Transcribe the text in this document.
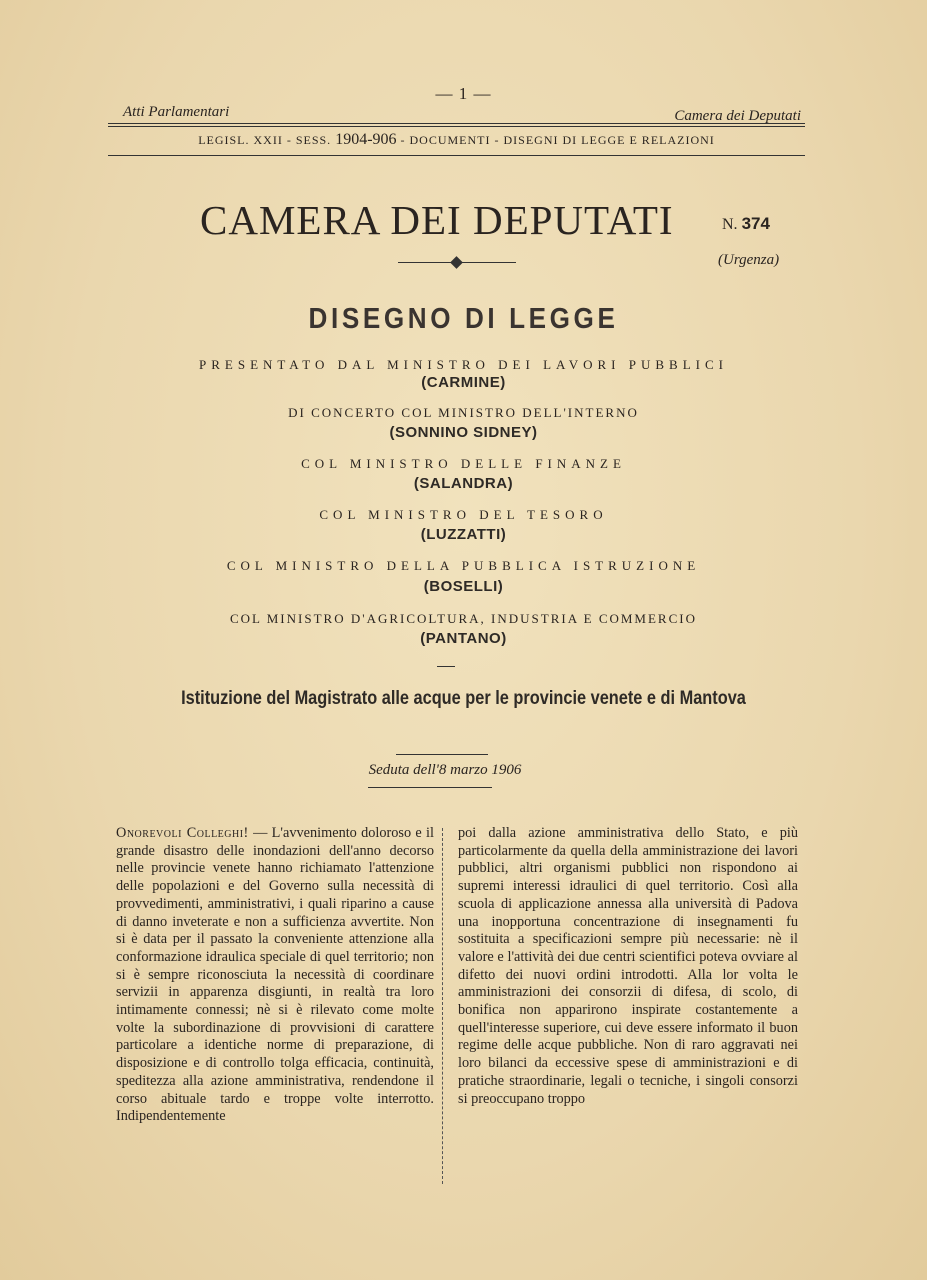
— 1 —
Atti Parlamentari	Camera dei Deputati
LEGISL. XXII - SESS. 1904-906 - DOCUMENTI - DISEGNI DI LEGGE E RELAZIONI
CAMERA DEI DEPUTATI	N. 374
(Urgenza)
DISEGNO DI LEGGE
PRESENTATO DAL MINISTRO DEI LAVORI PUBBLICI
(CARMINE)
DI CONCERTO COL MINISTRO DELL'INTERNO
(SONNINO SIDNEY)
COL MINISTRO DELLE FINANZE
(SALANDRA)
COL MINISTRO DEL TESORO
(LUZZATTI)
COL MINISTRO DELLA PUBBLICA ISTRUZIONE
(BOSELLI)
COL MINISTRO D'AGRICOLTURA, INDUSTRIA E COMMERCIO
(PANTANO)
Istituzione del Magistrato alle acque per le provincie venete e di Mantova
Seduta dell'8 marzo 1906

Onorevoli Colleghi! — L'avvenimento doloroso e il grande disastro delle inondazioni dell'anno decorso nelle provincie venete hanno richiamato l'attenzione delle popolazioni e del Governo sulla necessità di provvedimenti, amministrativi, i quali riparino a cause di danno inveterate e non a sufficienza avvertite. Non si è data per il passato la conveniente attenzione alla conformazione idraulica speciale di quel territorio; non si è sempre riconosciuta la necessità di coordinare servizii in apparenza disgiunti, in realtà tra loro intimamente connessi; nè si è rilevato come molte volte la subordinazione di provvisioni di carattere particolare a identiche norme di preparazione, di disposizione e di controllo tolga efficacia, continuità, speditezza alla azione amministrativa, rendendone il corso abituale tardo e troppe volte interrotto. Indipendentemente

poi dalla azione amministrativa dello Stato, e più particolarmente da quella della amministrazione dei lavori pubblici, altri organismi pubblici non rispondono ai supremi interessi idraulici di quel territorio. Così alla scuola di applicazione annessa alla università di Padova una inopportuna concentrazione di insegnamenti fu sostituita a specificazioni sempre più necessarie: nè il valore e l'attività dei due centri scientifici poteva ovviare al difetto dei nuovi ordini introdotti. Alla lor volta le amministrazioni dei consorzii di difesa, di scolo, di bonifica non apparirono inspirate costantemente a quell'interesse superiore, cui deve essere informato il buon regime delle acque pubbliche. Non di raro aggravati nei loro bilanci da eccessive spese di amministrazioni e di pratiche straordinarie, legali o tecniche, i singoli consorzi si preoccupano troppo
